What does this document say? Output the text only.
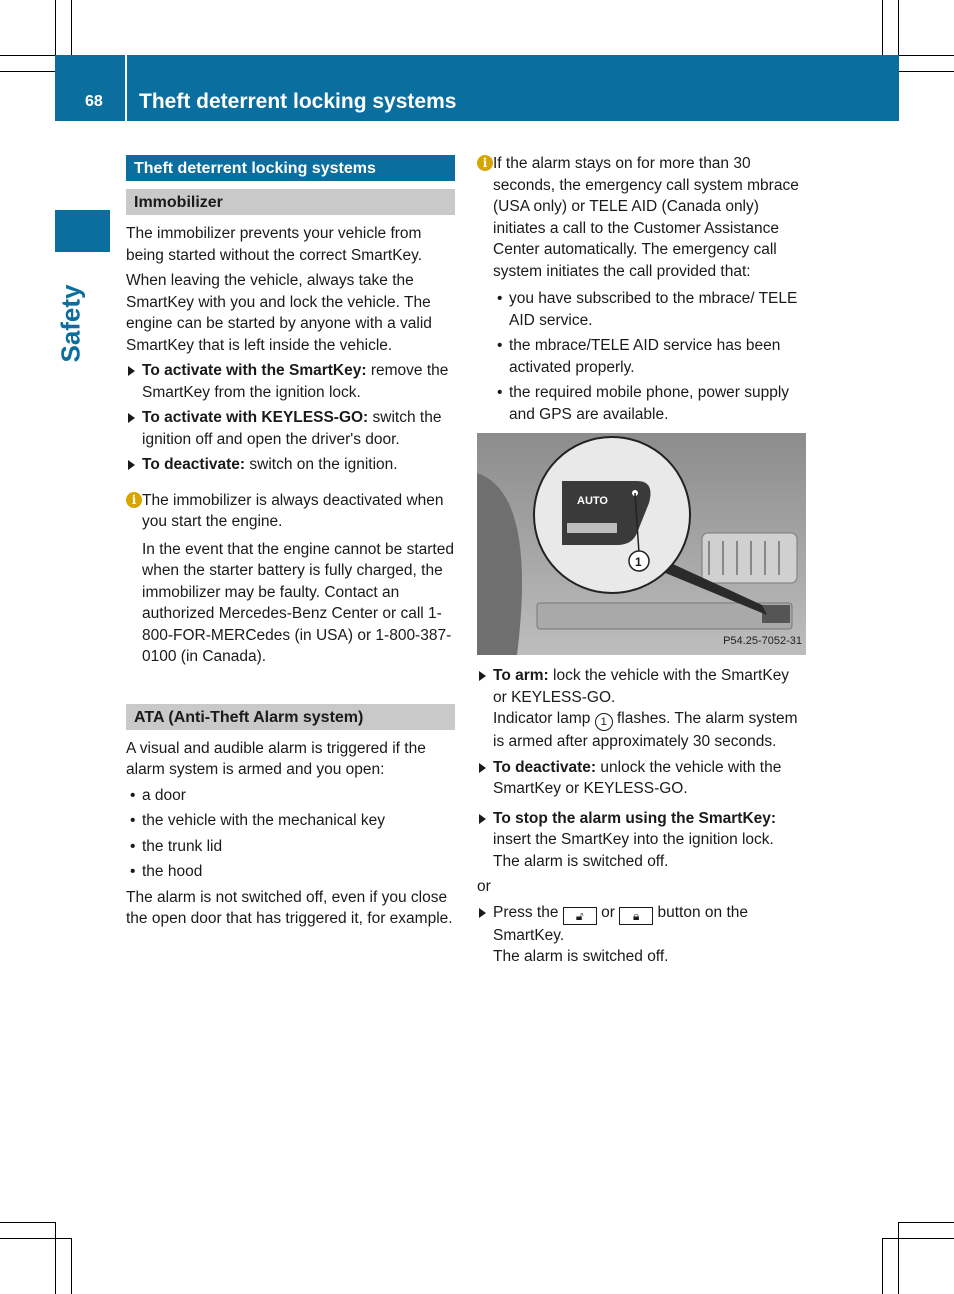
68 Theft deterrent locking systems
Safety
Theft deterrent locking systems
Immobilizer

The immobilizer prevents your vehicle from being started without the correct SmartKey.

When leaving the vehicle, always take the SmartKey with you and lock the vehicle. The engine can be started by anyone with a valid SmartKey that is left inside the vehicle.

To activate with the SmartKey: remove the SmartKey from the ignition lock.
To activate with KEYLESS-GO: switch the ignition off and open the driver's door.
To deactivate: switch on the ignition.
i The immobilizer is always deactivated when you start the engine.

In the event that the engine cannot be started when the starter battery is fully charged, the immobilizer may be faulty. Contact an authorized Mercedes-Benz Center or call 1-800-FOR-MERCedes (in USA) or 1-800-387-0100 (in Canada).

ATA (Anti-Theft Alarm system)

A visual and audible alarm is triggered if the alarm system is armed and you open:

• a door
• the vehicle with the mechanical key
• the trunk lid
• the hood

The alarm is not switched off, even if you close the open door that has triggered it, for example.

i If the alarm stays on for more than 30 seconds, the emergency call system mbrace (USA only) or TELE AID (Canada only) initiates a call to the Customer Assistance Center automatically. The emergency call system initiates the call provided that:

• you have subscribed to the mbrace/ TELE AID service.
• the mbrace/TELE AID service has been activated properly.
• the required mobile phone, power supply and GPS are available.
AUTO
1
P54.25-7052-31
To arm: lock the vehicle with the SmartKey or KEYLESS-GO.
Indicator lamp 1 flashes. The alarm system is armed after approximately 30 seconds.
To deactivate: unlock the vehicle with the SmartKey or KEYLESS-GO.
To stop the alarm using the SmartKey:
insert the SmartKey into the ignition lock.
The alarm is switched off.

or

Press the 🔓︎ or 🔒︎ button on the SmartKey.
The alarm is switched off.
